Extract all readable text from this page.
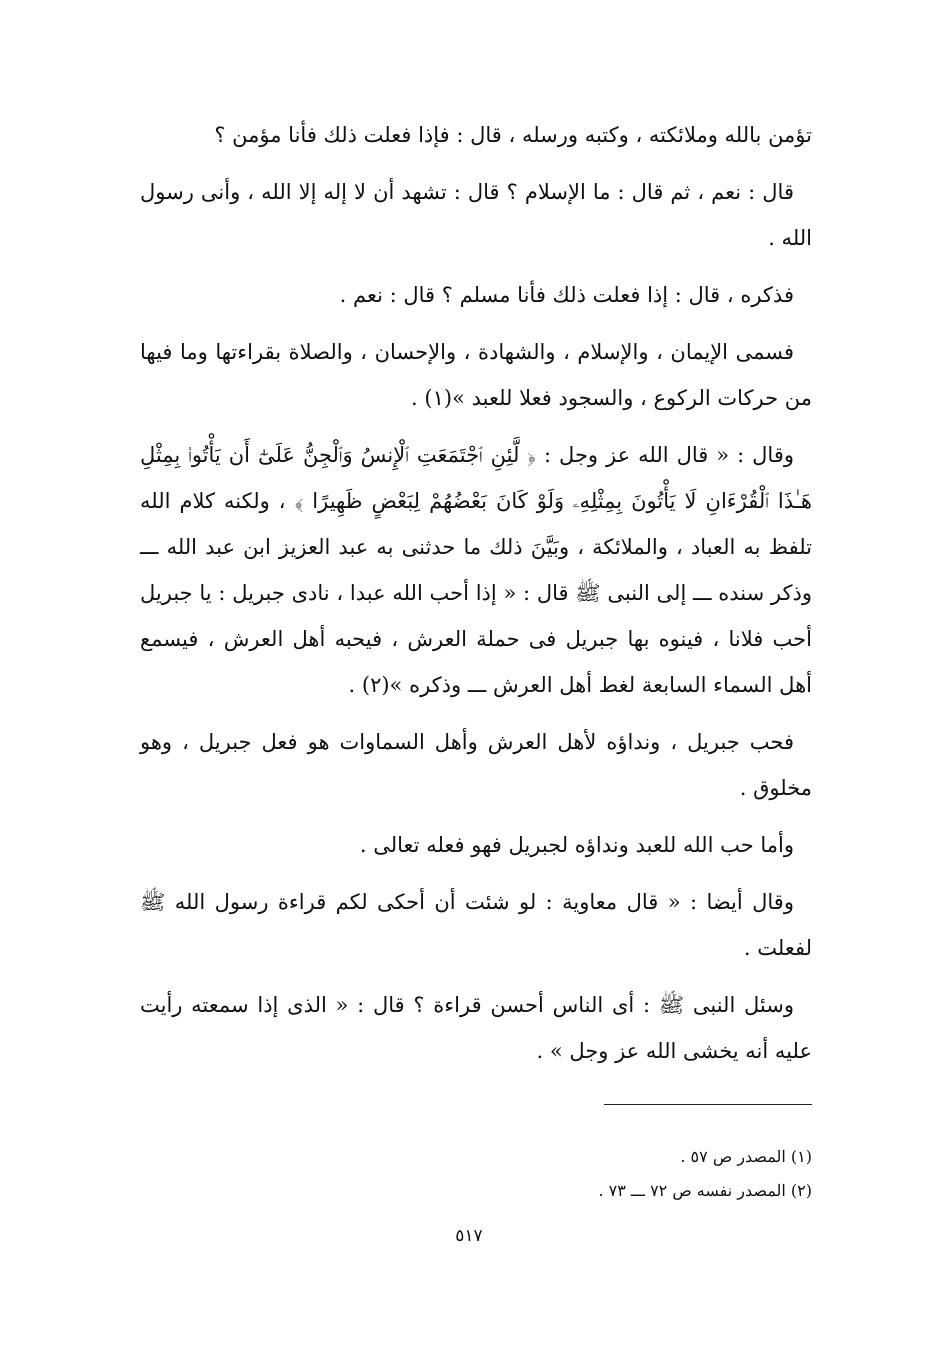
تؤمن بالله وملائكته ، وكتبه ورسله ، قال : فإذا فعلت ذلك فأنا مؤمن ؟

قال : نعم ، ثم قال : ما الإسلام ؟ قال : تشهد أن لا إله إلا الله ، وأنى رسول الله .

فذكره ، قال : إذا فعلت ذلك فأنا مسلم ؟ قال : نعم .

فسمى الإيمان ، والإسلام ، والشهادة ، والإحسان ، والصلاة بقراءتها وما فيها من حركات الركوع ، والسجود فعلا للعبد »(١) .

وقال : « قال الله عز وجل : ﴿ لَّئِنِ ٱجْتَمَعَتِ ٱلْإِنسُ وَٱلْجِنُّ عَلَىٰٓ أَن يَأْتُوا۟ بِمِثْلِ هَـٰذَا ٱلْقُرْءَانِ لَا يَأْتُونَ بِمِثْلِهِۦ وَلَوْ كَانَ بَعْضُهُمْ لِبَعْضٍ ظَهِيرًا ﴾ ، ولكنه كلام الله تلفظ به العباد ، والملائكة ، وبَيَّنَ ذلك ما حدثنى به عبد العزيز ابن عبد الله ـــ وذكر سنده ـــ إلى النبى ﷺ قال : « إذا أحب الله عبدا ، نادى جبريل : يا جبريل أحب فلانا ، فينوه بها جبريل فى حملة العرش ، فيحبه أهل العرش ، فيسمع أهل السماء السابعة لغط أهل العرش ـــ وذكره »(٢) .

فحب جبريل ، ونداؤه لأهل العرش وأهل السماوات هو فعل جبريل ، وهو مخلوق .

وأما حب الله للعبد ونداؤه لجبريل فهو فعله تعالى .

وقال أيضا : « قال معاوية : لو شئت أن أحكى لكم قراءة رسول الله ﷺ لفعلت .

وسئل النبى ﷺ : أى الناس أحسن قراءة ؟ قال : « الذى إذا سمعته رأيت عليه أنه يخشى الله عز وجل » .

(١) المصدر ص ٥٧ .

(٢) المصدر نفسه ص ٧٢ ـــ ٧٣ .

٥١٧
